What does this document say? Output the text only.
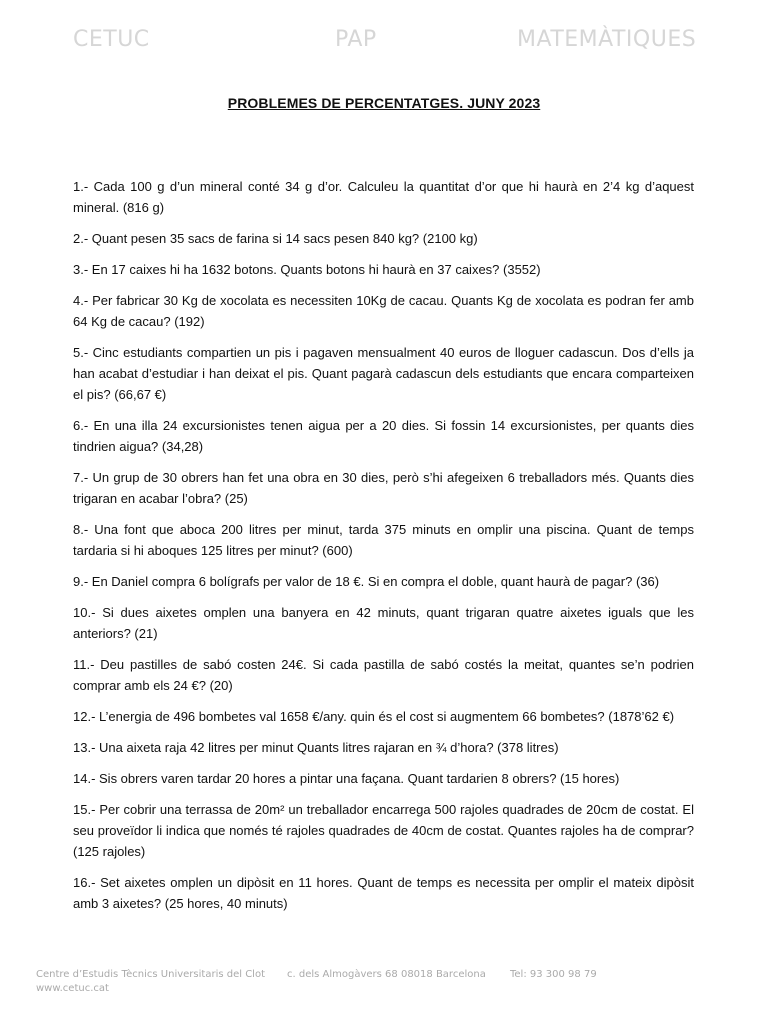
CETUC	PAP	MATEMÀTIQUES
PROBLEMES DE PERCENTATGES. JUNY 2023

1.- Cada 100 g d’un mineral conté 34 g d’or. Calculeu la quantitat d’or que hi haurà en 2’4 kg d’aquest mineral. (816 g)

2.- Quant pesen 35 sacs de farina si 14 sacs pesen 840 kg? (2100 kg)

3.- En 17 caixes hi ha 1632 botons. Quants botons hi haurà en 37 caixes? (3552)

4.- Per fabricar 30 Kg de xocolata es necessiten 10Kg de cacau. Quants Kg de xocolata es podran fer amb 64 Kg de cacau? (192)

5.- Cinc estudiants compartien un pis i pagaven mensualment 40 euros de lloguer cadascun. Dos d’ells ja han acabat d’estudiar i han deixat el pis. Quant pagarà cadascun dels estudiants que encara comparteixen el pis? (66,67 €)

6.- En una illa 24 excursionistes tenen aigua per a 20 dies. Si fossin 14 excursionistes, per quants dies tindrien aigua? (34,28)

7.- Un grup de 30 obrers han fet una obra en 30 dies, però s’hi afegeixen 6 treballadors més. Quants dies trigaran en acabar l’obra? (25)

8.- Una font que aboca 200 litres per minut, tarda 375 minuts en omplir una piscina. Quant de temps tardaria si hi aboques 125 litres per minut? (600)

9.- En Daniel compra 6 bolígrafs per valor de 18 €. Si en compra el doble, quant haurà de pagar? (36)

10.- Si dues aixetes omplen una banyera en 42 minuts, quant trigaran quatre aixetes iguals que les anteriors? (21)

11.- Deu pastilles de sabó costen 24€. Si cada pastilla de sabó costés la meitat, quantes se’n podrien comprar amb els 24 €? (20)

12.- L’energia de 496 bombetes val 1658 €/any. quin és el cost si augmentem 66 bombetes? (1878’62 €)

13.- Una aixeta raja 42 litres per minut Quants litres rajaran en ¾ d’hora? (378 litres)

14.- Sis obrers varen tardar 20 hores a pintar una façana. Quant tardarien 8 obrers? (15 hores)

15.- Per cobrir una terrassa de 20m² un treballador encarrega 500 rajoles quadrades de 20cm de costat. El seu proveïdor li indica que només té rajoles quadrades de 40cm de costat. Quantes rajoles ha de comprar? (125 rajoles)

16.- Set aixetes omplen un dipòsit en 11 hores. Quant de temps es necessita per omplir el mateix dipòsit amb 3 aixetes? (25 hores, 40 minuts)

Centre d’Estudis Tècnics Universitaris del Clot c. dels Almogàvers 68 08018 Barcelona Tel: 93 300 98 79
www.cetuc.cat
